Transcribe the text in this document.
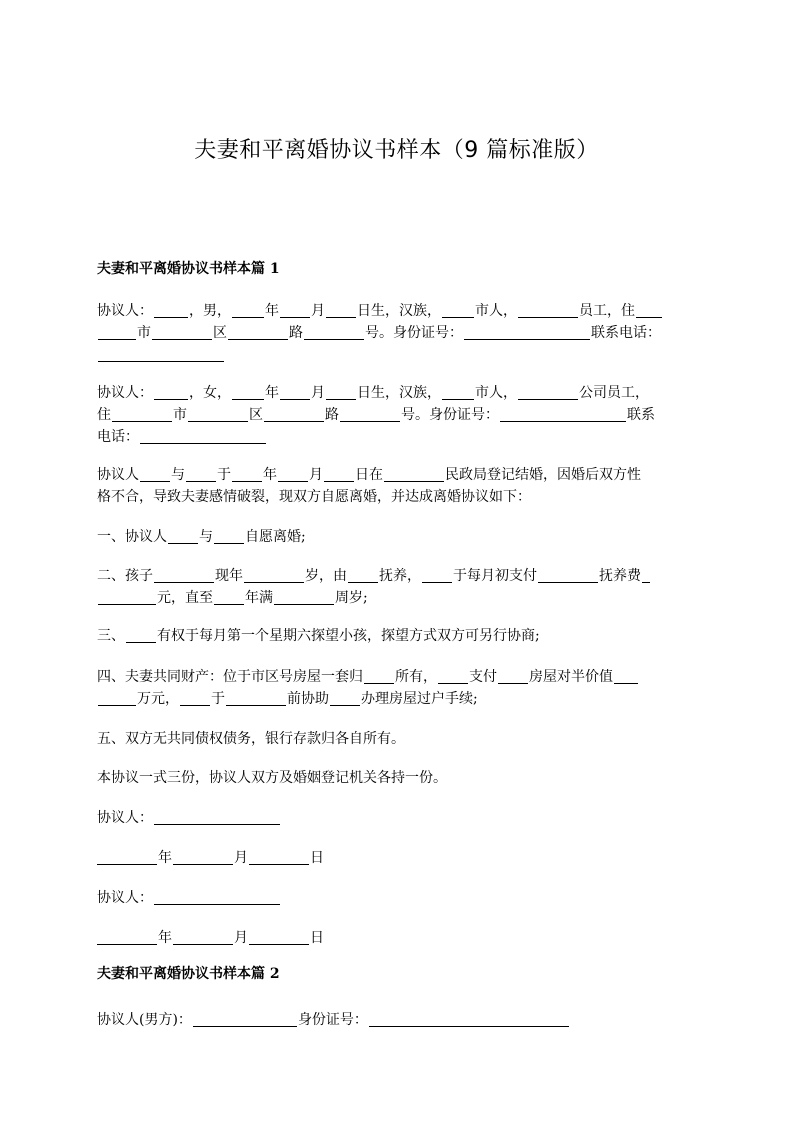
夫妻和平离婚协议书样本（9 篇标准版）
夫妻和平离婚协议书样本篇 1
协议人：	，男， 年 月 日生，汉族， 市人，	员工，住
市	区	路	号。身份证号：	联系电话：
协议人：	，女， 年 月 日生，汉族， 市人，	公司员工，
住	市	区	路	号。身份证号：	联系
电话：
协议人 与 于 年 月 日在	民政局登记结婚，因婚后双方性
格不合，导致夫妻感情破裂，现双方自愿离婚，并达成离婚协议如下：
一、协议人 与 自愿离婚;
二、孩子	现年	岁，由 抚养， 于每月初支付	抚养费
元，直至 年满	周岁;
三、 有权于每月第一个星期六探望小孩，探望方式双方可另行协商;
四、夫妻共同财产：位于市区号房屋一套归 所有， 支付 房屋对半价值
万元， 于	前协助 办理房屋过户手续;
五、双方无共同债权债务，银行存款归各自所有。
本协议一式三份，协议人双方及婚姻登记机关各持一份。
协议人：
年	月	日
协议人：
年	月	日
夫妻和平离婚协议书样本篇 2
协议人(男方)：	身份证号：
